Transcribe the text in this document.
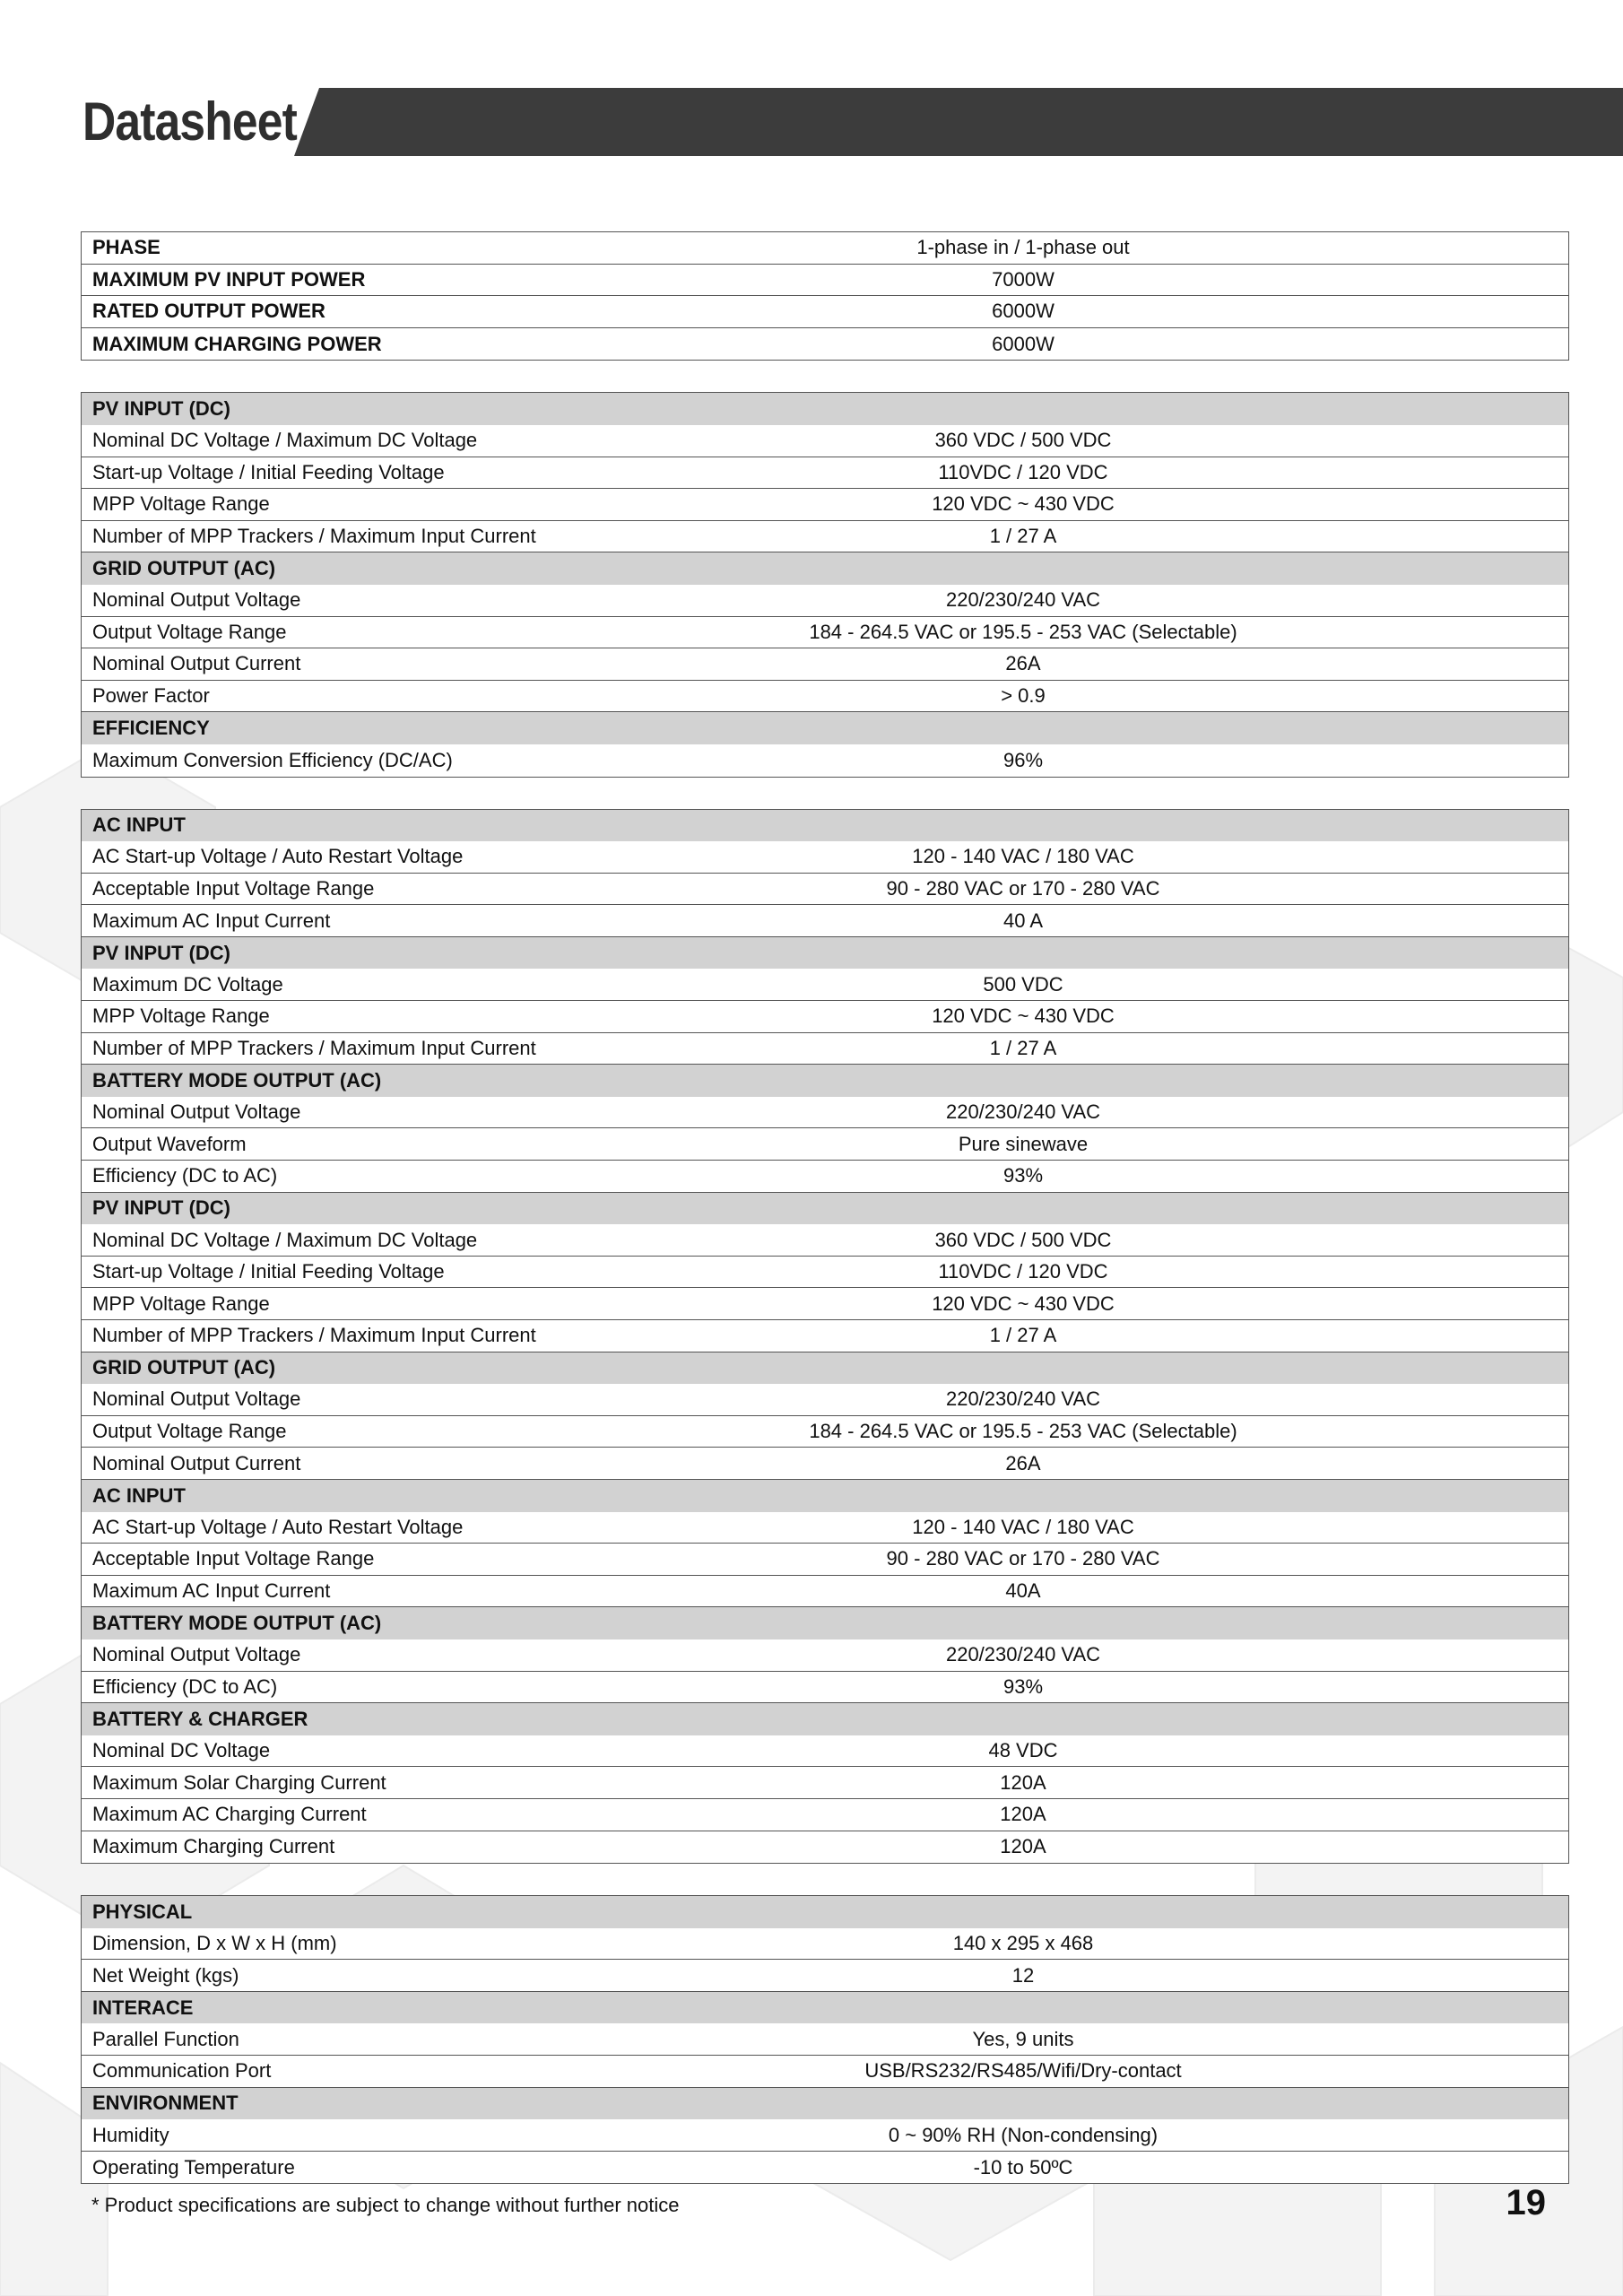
Datasheet
PHASE	1-phase in / 1-phase out
MAXIMUM PV INPUT POWER	7000W
RATED OUTPUT POWER	6000W
MAXIMUM CHARGING POWER	6000W
PV INPUT (DC)
Nominal DC Voltage / Maximum DC Voltage	360 VDC / 500 VDC
Start-up Voltage / Initial Feeding Voltage	110VDC / 120 VDC
MPP Voltage Range	120 VDC ~ 430 VDC
Number of MPP Trackers / Maximum Input Current	1 / 27 A
GRID OUTPUT (AC)
Nominal Output Voltage	220/230/240 VAC
Output Voltage Range	184 - 264.5 VAC or 195.5 - 253 VAC (Selectable)
Nominal Output Current	26A
Power Factor	> 0.9
EFFICIENCY
Maximum Conversion Efficiency (DC/AC)	96%
AC INPUT
AC Start-up Voltage / Auto Restart Voltage	120 - 140 VAC / 180 VAC
Acceptable Input Voltage Range	90 - 280 VAC or 170 - 280 VAC
Maximum AC Input Current	40 A
PV INPUT (DC)
Maximum DC Voltage	500 VDC
MPP Voltage Range	120 VDC ~ 430 VDC
Number of MPP Trackers / Maximum Input Current	1 / 27 A
BATTERY MODE OUTPUT (AC)
Nominal Output Voltage	220/230/240 VAC
Output Waveform	Pure sinewave
Efficiency (DC to AC)	93%
PV INPUT (DC)
Nominal DC Voltage / Maximum DC Voltage	360 VDC / 500 VDC
Start-up Voltage / Initial Feeding Voltage	110VDC / 120 VDC
MPP Voltage Range	120 VDC ~ 430 VDC
Number of MPP Trackers / Maximum Input Current	1 / 27 A
GRID OUTPUT (AC)
Nominal Output Voltage	220/230/240 VAC
Output Voltage Range	184 - 264.5 VAC or 195.5 - 253 VAC (Selectable)
Nominal Output Current	26A
AC INPUT
AC Start-up Voltage / Auto Restart Voltage	120 - 140 VAC / 180 VAC
Acceptable Input Voltage Range	90 - 280 VAC or 170 - 280 VAC
Maximum AC Input Current	40A
BATTERY MODE OUTPUT (AC)
Nominal Output Voltage	220/230/240 VAC
Efficiency (DC to AC)	93%
BATTERY & CHARGER
Nominal DC Voltage	48 VDC
Maximum Solar Charging Current	120A
Maximum AC Charging Current	120A
Maximum Charging Current	120A
PHYSICAL
Dimension, D x W x H (mm)	140 x 295 x 468
Net Weight (kgs)	12
INTERACE
Parallel Function	Yes, 9 units
Communication Port	USB/RS232/RS485/Wifi/Dry-contact
ENVIRONMENT
Humidity	0 ~ 90% RH (Non-condensing)
Operating Temperature	-10 to 50ºC
* Product specifications are subject to change without further notice	19
